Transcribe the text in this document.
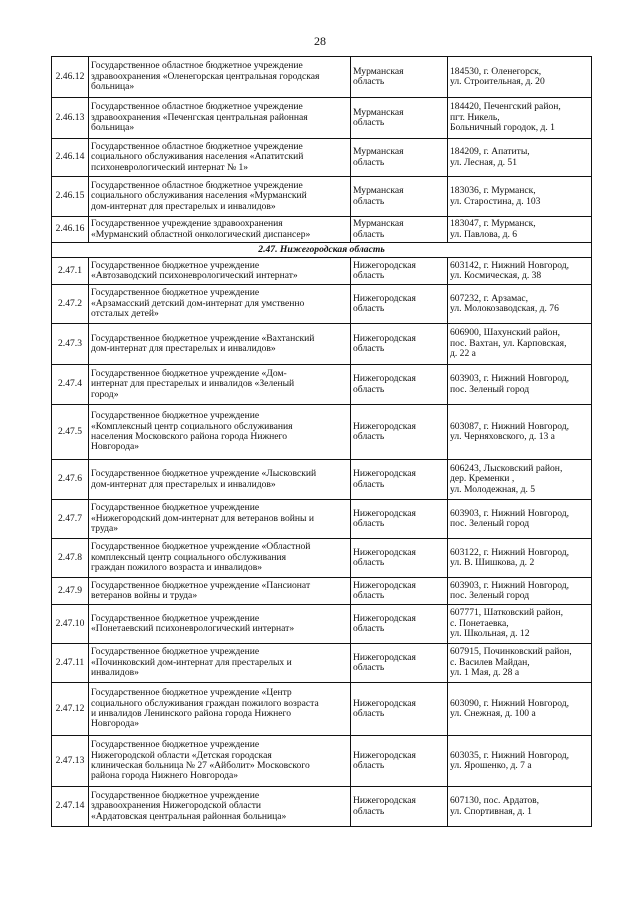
28
2.46.12	Государственное областное бюджетное учреждение
здравоохранения «Оленегорская центральная городская
больница»	Мурманская
область	184530, г. Оленегорск,
ул. Строительная, д. 20

2.46.13	Государственное областное бюджетное учреждение
здравоохранения «Печенгская центральная районная
больница»	Мурманская
область	184420, Печенгский район,
пгт. Никель,
Больничный городок, д. 1

2.46.14	Государственное областное бюджетное учреждение
социального обслуживания населения «Апатитский
психоневрологический интернат № 1»	Мурманская
область	184209, г. Апатиты,
ул. Лесная, д. 51

2.46.15	Государственное областное бюджетное учреждение
социального обслуживания населения «Мурманский
дом-интернат для престарелых и инвалидов»	Мурманская
область	183036, г. Мурманск,
ул. Старостина, д. 103

2.46.16	Государственное учреждение здравоохранения
«Мурманский областной онкологический диспансер»	Мурманская
область	183047, г. Мурманск,
ул. Павлова, д. 6

2.47. Нижегородская область			
2.47.1	Государственное бюджетное учреждение
«Автозаводский психоневрологический интернат»	Нижегородская
область	603142, г. Нижний Новгород,
ул. Космическая, д. 38

2.47.2	Государственное бюджетное учреждение
«Арзамасский детский дом-интернат для умственно
отсталых детей»	Нижегородская
область	607232, г. Арзамас,
ул. Молокозаводская, д. 76

2.47.3	Государственное бюджетное учреждение «Вахтанский
дом-интернат для престарелых и инвалидов»	Нижегородская
область	606900, Шахунский район,
пос. Вахтан, ул. Карповская,
д. 22 а

2.47.4	Государственное бюджетное учреждение «Дом-
интернат для престарелых и инвалидов «Зеленый
город»	Нижегородская
область	603903, г. Нижний Новгород,
пос. Зеленый город

2.47.5	Государственное бюджетное учреждение
«Комплексный центр социального обслуживания
населения Московского района города Нижнего
Новгорода»	Нижегородская
область	603087, г. Нижний Новгород,
ул. Черняховского, д. 13 а

2.47.6	Государственное бюджетное учреждение «Лысковский
дом-интернат для престарелых и инвалидов»	Нижегородская
область	606243, Лысковский район,
дер. Кременки ,
ул. Молодежная, д. 5

2.47.7	Государственное бюджетное учреждение
«Нижегородский дом-интернат для ветеранов войны и
труда»	Нижегородская
область	603903, г. Нижний Новгород,
пос. Зеленый город

2.47.8	Государственное бюджетное учреждение «Областной
комплексный центр социального обслуживания
граждан пожилого возраста и инвалидов»	Нижегородская
область	603122, г. Нижний Новгород,
ул. В. Шишкова, д. 2

2.47.9	Государственное бюджетное учреждение «Пансионат
ветеранов войны и труда»	Нижегородская
область	603903, г. Нижний Новгород,
пос. Зеленый город

2.47.10	Государственное бюджетное учреждение
«Понетаевский психоневрологический интернат»	Нижегородская
область	607771, Шатковский район,
с. Понетаевка,
ул. Школьная, д. 12

2.47.11	Государственное бюджетное учреждение
«Починковский дом-интернат для престарелых и
инвалидов»	Нижегородская
область	607915, Починковский район,
с. Василев Майдан,
ул. 1 Мая, д. 28 а

2.47.12	Государственное бюджетное учреждение «Центр
социального обслуживания граждан пожилого возраста
и инвалидов Ленинского района города Нижнего
Новгорода»	Нижегородская
область	603090, г. Нижний Новгород,
ул. Снежная, д. 100 а

2.47.13	Государственное бюджетное учреждение
Нижегородской области «Детская городская
клиническая больница № 27 «Айболит» Московского
района города Нижнего Новгорода»	Нижегородская
область	603035, г. Нижний Новгород,
ул. Ярошенко, д. 7 а

2.47.14	Государственное бюджетное учреждение
здравоохранения Нижегородской области
«Ардатовская центральная районная больница»	Нижегородская
область	607130, пос. Ардатов,
ул. Спортивная, д. 1
